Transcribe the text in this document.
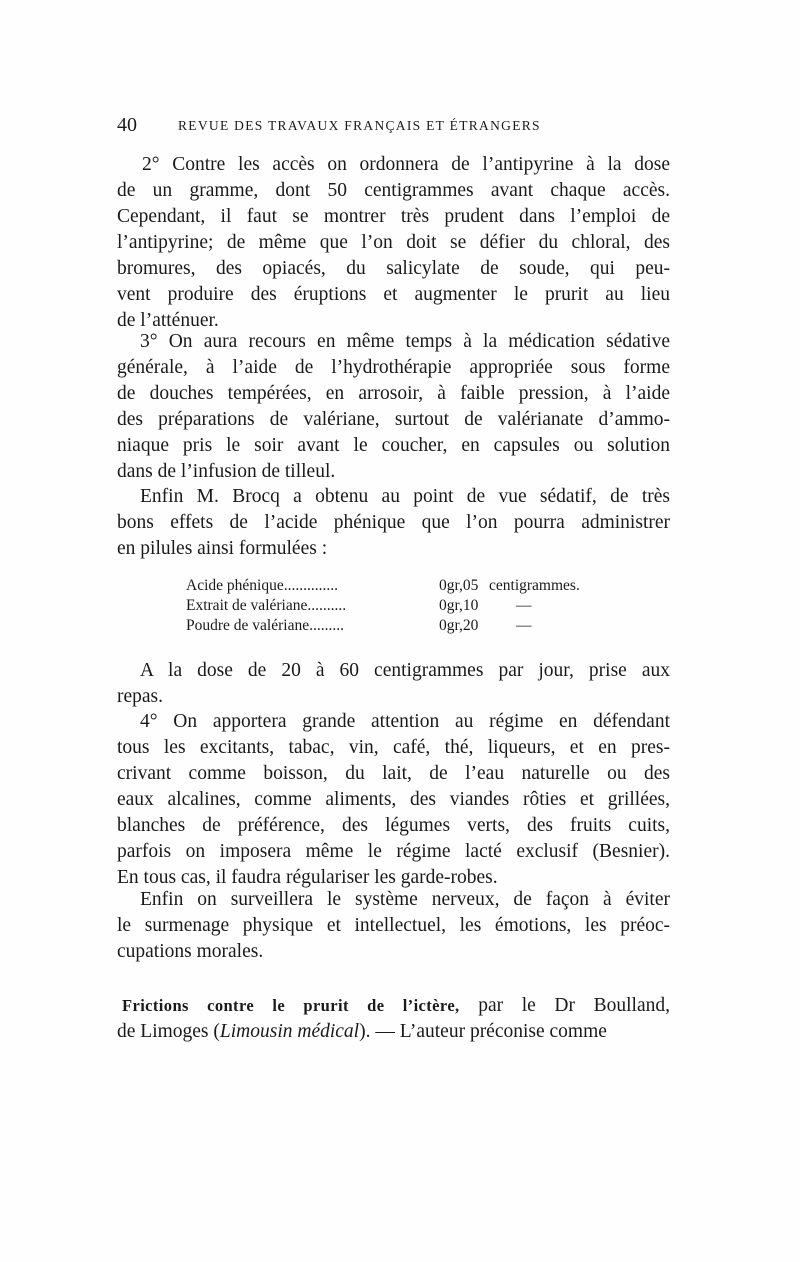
40	REVUE DES TRAVAUX FRANÇAIS ET ÉTRANGERS
2° Contre les accès on ordonnera de l’antipyrine à la dose
de un gramme, dont 50 centigrammes avant chaque accès.
Cependant, il faut se montrer très prudent dans l’emploi de
l’antipyrine; de même que l’on doit se défier du chloral, des
bromures, des opiacés, du salicylate de soude, qui peu-
vent produire des éruptions et augmenter le prurit au lieu
de l’atténuer.
3° On aura recours en même temps à la médication sédative
générale, à l’aide de l’hydrothérapie appropriée sous forme
de douches tempérées, en arrosoir, à faible pression, à l’aide
des préparations de valériane, surtout de valérianate d’ammo-
niaque pris le soir avant le coucher, en capsules ou solution
dans de l’infusion de tilleul.
Enfin M. Brocq a obtenu au point de vue sédatif, de très
bons effets de l’acide phénique que l’on pourra administrer
en pilules ainsi formulées :
Acide phénique..............	0gr,05 centigrammes.
Extrait de valériane..........	0gr,10 —
Poudre de valériane.........	0gr,20 —
A la dose de 20 à 60 centigrammes par jour, prise aux
repas.
4° On apportera grande attention au régime en défendant
tous les excitants, tabac, vin, café, thé, liqueurs, et en pres-
crivant comme boisson, du lait, de l’eau naturelle ou des
eaux alcalines, comme aliments, des viandes rôties et grillées,
blanches de préférence, des légumes verts, des fruits cuits,
parfois on imposera même le régime lacté exclusif (Besnier).
En tous cas, il faudra régulariser les garde-robes.
Enfin on surveillera le système nerveux, de façon à éviter
le surmenage physique et intellectuel, les émotions, les préoc-
cupations morales.
Frictions contre le prurit de l’ictère, par le Dr Boulland,
de Limoges (Limousin médical). — L’auteur préconise comme
